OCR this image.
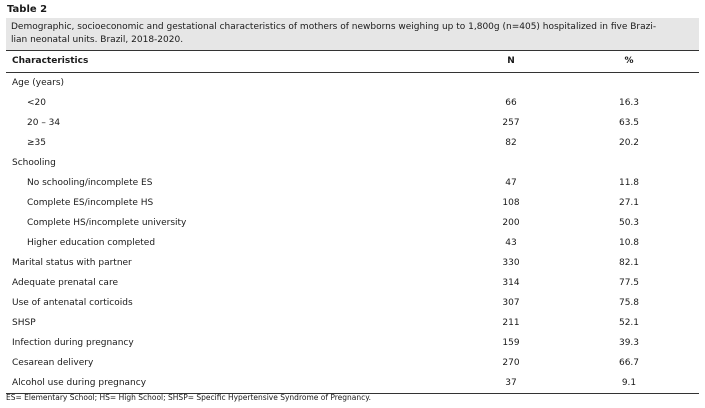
Table 2
Demographic, socioeconomic and gestational characteristics of mothers of newborns weighing up to 1,800g (n=405) hospitalized in five Brazi-
lian neonatal units. Brazil, 2018-2020.
Characteristics	N	%
Age (years)
<20	66	16.3
20 – 34	257	63.5
≥35	82	20.2
Schooling
No schooling/incomplete ES	47	11.8
Complete ES/incomplete HS	108	27.1
Complete HS/incomplete university	200	50.3
Higher education completed	43	10.8
Marital status with partner	330	82.1
Adequate prenatal care	314	77.5
Use of antenatal corticoids	307	75.8
SHSP	211	52.1
Infection during pregnancy	159	39.3
Cesarean delivery	270	66.7
Alcohol use during pregnancy	37	9.1
ES= Elementary School; HS= High School; SHSP= Specific Hypertensive Syndrome of Pregnancy.
